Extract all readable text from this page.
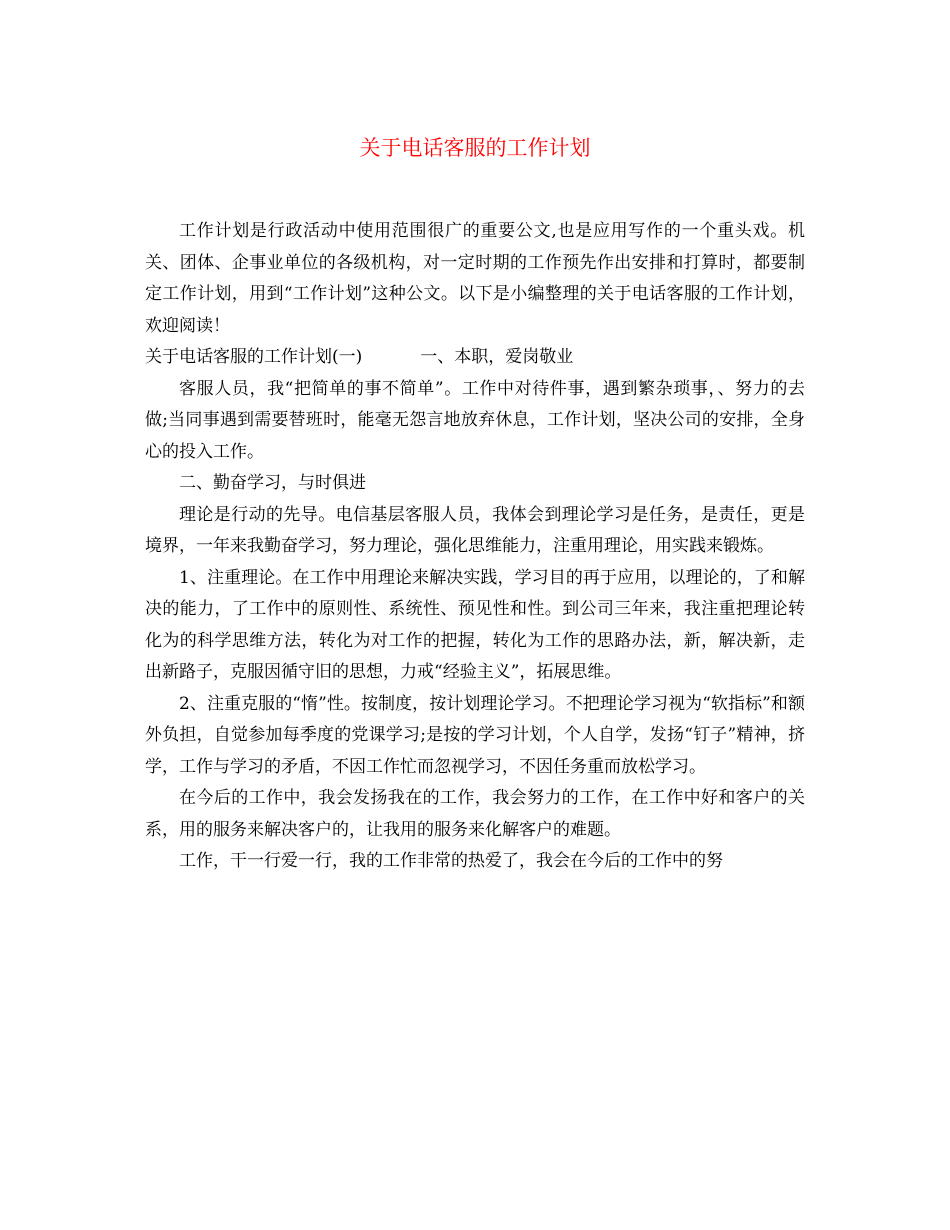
关于电话客服的工作计划

工作计划是行政活动中使用范围很广的重要公文,也是应用写作的一个重头戏。机关、团体、企事业单位的各级机构，对一定时期的工作预先作出安排和打算时，都要制定工作计划，用到“工作计划”这种公文。以下是小编整理的关于电话客服的工作计划，欢迎阅读！

关于电话客服的工作计划(一)	一、本职，爱岗敬业

客服人员，我“把简单的事不简单”。工作中对待件事，遇到繁杂琐事，、努力的去做;当同事遇到需要替班时，能毫无怨言地放弃休息，工作计划，坚决公司的安排，全身心的投入工作。

二、勤奋学习，与时俱进

理论是行动的先导。电信基层客服人员，我体会到理论学习是任务，是责任，更是境界，一年来我勤奋学习，努力理论，强化思维能力，注重用理论，用实践来锻炼。

1、注重理论。在工作中用理论来解决实践，学习目的再于应用，以理论的，了和解决的能力，了工作中的原则性、系统性、预见性和性。到公司三年来，我注重把理论转化为的科学思维方法，转化为对工作的把握，转化为工作的思路办法，新，解决新，走出新路子，克服因循守旧的思想，力戒“经验主义”，拓展思维。

2、注重克服的“惰”性。按制度，按计划理论学习。不把理论学习视为“软指标”和额外负担，自觉参加每季度的党课学习;是按的学习计划，个人自学，发扬“钉子”精神，挤学，工作与学习的矛盾，不因工作忙而忽视学习，不因任务重而放松学习。

在今后的工作中，我会发扬我在的工作，我会努力的工作，在工作中好和客户的关系，用的服务来解决客户的，让我用的服务来化解客户的难题。

工作，干一行爱一行，我的工作非常的热爱了，我会在今后的工作中的努
